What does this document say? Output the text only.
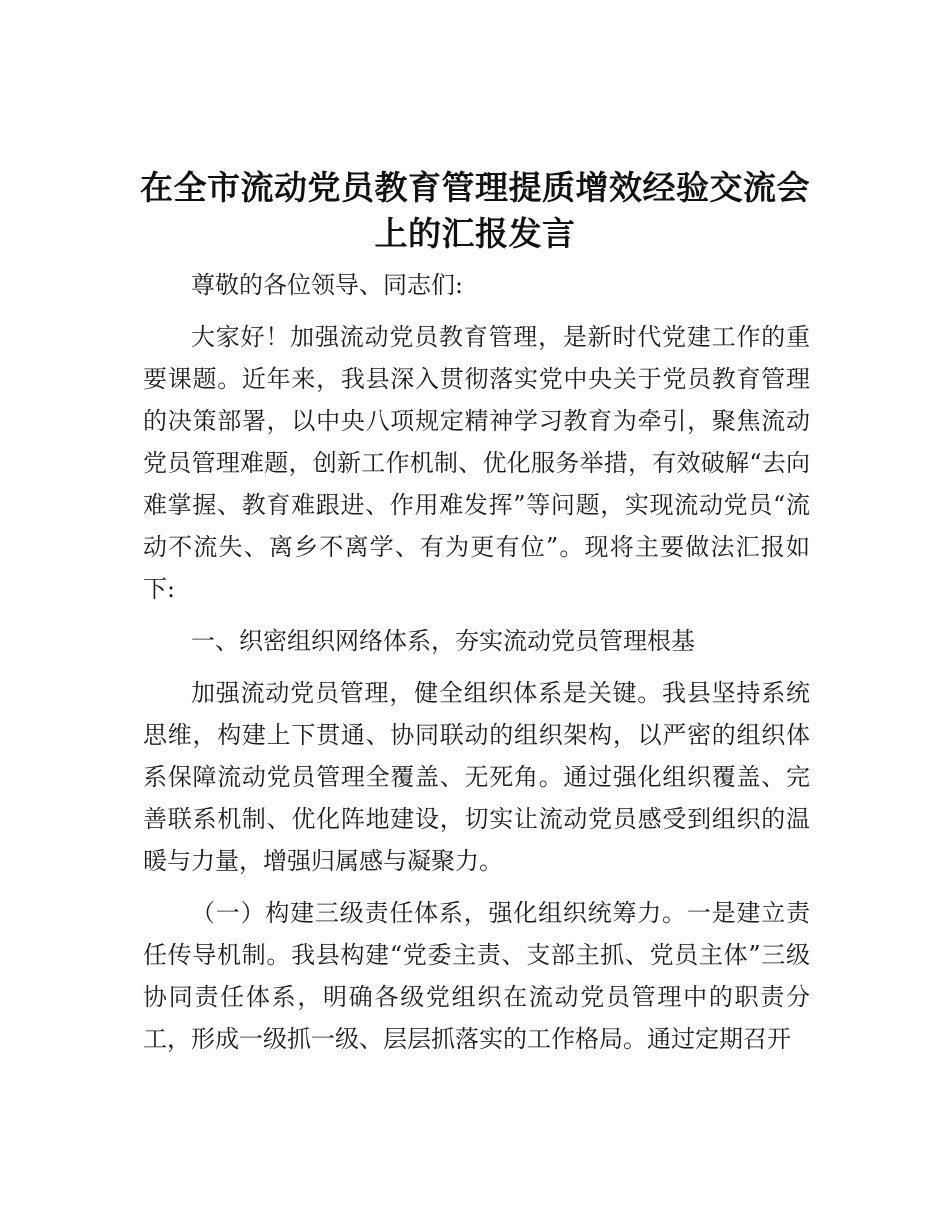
在全市流动党员教育管理提质增效经验交流会
上的汇报发言

尊敬的各位领导、同志们:

大家好！加强流动党员教育管理，是新时代党建工作的重要课题。近年来，我县深入贯彻落实党中央关于党员教育管理的决策部署，以中央八项规定精神学习教育为牵引，聚焦流动党员管理难题，创新工作机制、优化服务举措，有效破解“去向难掌握、教育难跟进、作用难发挥”等问题，实现流动党员“流动不流失、离乡不离学、有为更有位”。现将主要做法汇报如下:

一、织密组织网络体系，夯实流动党员管理根基

加强流动党员管理，健全组织体系是关键。我县坚持系统思维，构建上下贯通、协同联动的组织架构，以严密的组织体系保障流动党员管理全覆盖、无死角。通过强化组织覆盖、完善联系机制、优化阵地建设，切实让流动党员感受到组织的温暖与力量，增强归属感与凝聚力。

（一）构建三级责任体系，强化组织统筹力。一是建立责任传导机制。我县构建“党委主责、支部主抓、党员主体”三级协同责任体系，明确各级党组织在流动党员管理中的职责分工，形成一级抓一级、层层抓落实的工作格局。通过定期召开
